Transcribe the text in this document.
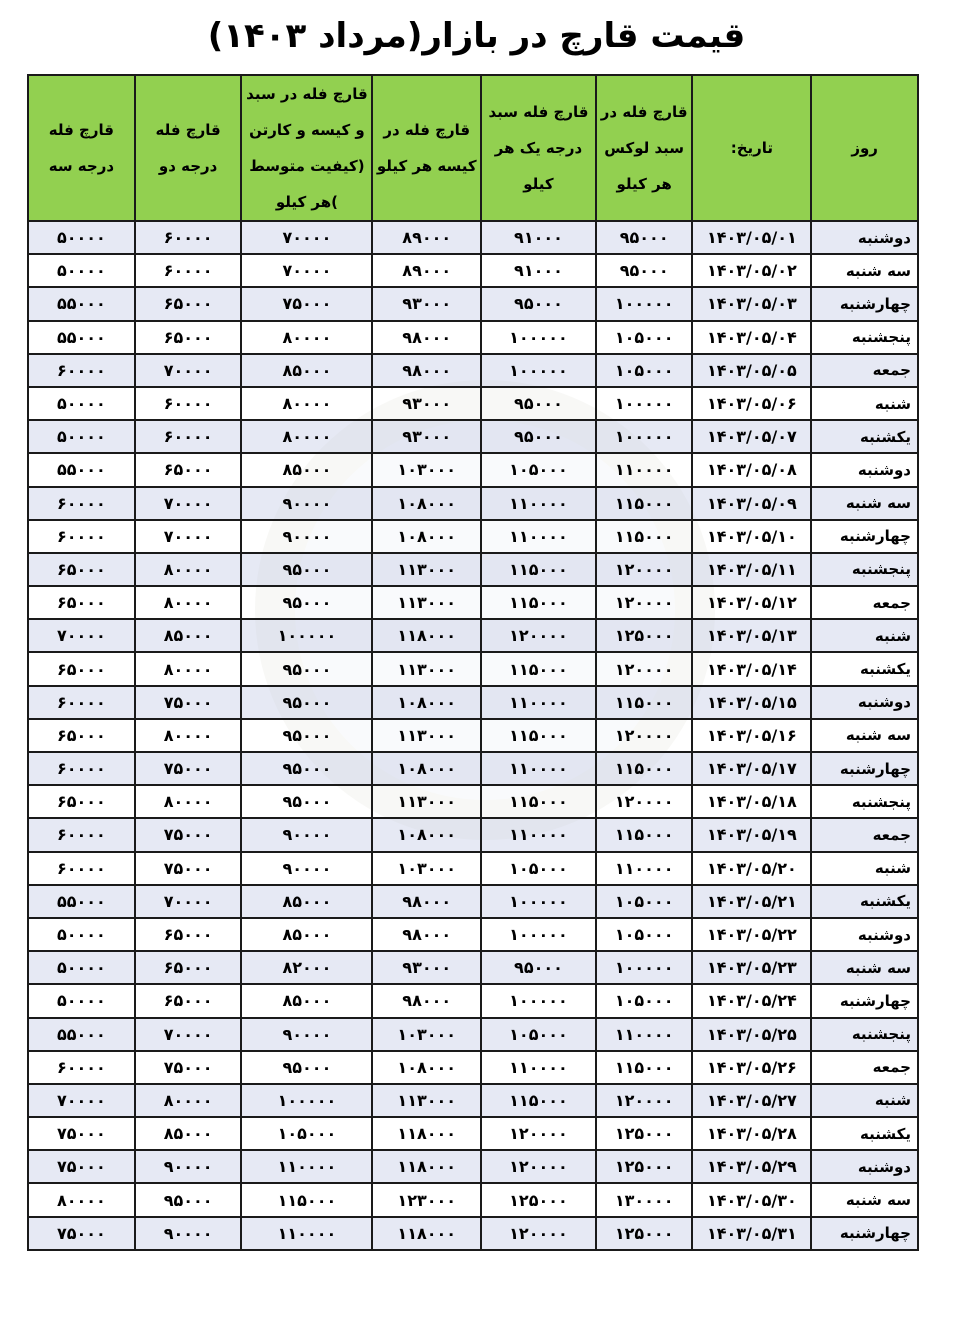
قیمت قارچ در بازار(مرداد ۱۴۰۳)
روز	تاریخ:	قارچ فله در سبد لوکس هر کیلو	قارچ فله سبد درجه یک هر کیلو	قارچ فله در کیسه هر کیلو	قارچ فله در سبد و کیسه و کارتن (کیفیت متوسط )هر کیلو	قارچ فله درجه دو	قارچ فله درجه سه
دوشنبه	۱۴۰۳/۰۵/۰۱	۹۵۰۰۰	۹۱۰۰۰	۸۹۰۰۰	۷۰۰۰۰	۶۰۰۰۰	۵۰۰۰۰
سه شنبه	۱۴۰۳/۰۵/۰۲	۹۵۰۰۰	۹۱۰۰۰	۸۹۰۰۰	۷۰۰۰۰	۶۰۰۰۰	۵۰۰۰۰
چهارشنبه	۱۴۰۳/۰۵/۰۳	۱۰۰۰۰۰	۹۵۰۰۰	۹۳۰۰۰	۷۵۰۰۰	۶۵۰۰۰	۵۵۰۰۰
پنجشنبه	۱۴۰۳/۰۵/۰۴	۱۰۵۰۰۰	۱۰۰۰۰۰	۹۸۰۰۰	۸۰۰۰۰	۶۵۰۰۰	۵۵۰۰۰
جمعه	۱۴۰۳/۰۵/۰۵	۱۰۵۰۰۰	۱۰۰۰۰۰	۹۸۰۰۰	۸۵۰۰۰	۷۰۰۰۰	۶۰۰۰۰
شنبه	۱۴۰۳/۰۵/۰۶	۱۰۰۰۰۰	۹۵۰۰۰	۹۳۰۰۰	۸۰۰۰۰	۶۰۰۰۰	۵۰۰۰۰
یکشنبه	۱۴۰۳/۰۵/۰۷	۱۰۰۰۰۰	۹۵۰۰۰	۹۳۰۰۰	۸۰۰۰۰	۶۰۰۰۰	۵۰۰۰۰
دوشنبه	۱۴۰۳/۰۵/۰۸	۱۱۰۰۰۰	۱۰۵۰۰۰	۱۰۳۰۰۰	۸۵۰۰۰	۶۵۰۰۰	۵۵۰۰۰
سه شنبه	۱۴۰۳/۰۵/۰۹	۱۱۵۰۰۰	۱۱۰۰۰۰	۱۰۸۰۰۰	۹۰۰۰۰	۷۰۰۰۰	۶۰۰۰۰
چهارشنبه	۱۴۰۳/۰۵/۱۰	۱۱۵۰۰۰	۱۱۰۰۰۰	۱۰۸۰۰۰	۹۰۰۰۰	۷۰۰۰۰	۶۰۰۰۰
پنجشنبه	۱۴۰۳/۰۵/۱۱	۱۲۰۰۰۰	۱۱۵۰۰۰	۱۱۳۰۰۰	۹۵۰۰۰	۸۰۰۰۰	۶۵۰۰۰
جمعه	۱۴۰۳/۰۵/۱۲	۱۲۰۰۰۰	۱۱۵۰۰۰	۱۱۳۰۰۰	۹۵۰۰۰	۸۰۰۰۰	۶۵۰۰۰
شنبه	۱۴۰۳/۰۵/۱۳	۱۲۵۰۰۰	۱۲۰۰۰۰	۱۱۸۰۰۰	۱۰۰۰۰۰	۸۵۰۰۰	۷۰۰۰۰
یکشنبه	۱۴۰۳/۰۵/۱۴	۱۲۰۰۰۰	۱۱۵۰۰۰	۱۱۳۰۰۰	۹۵۰۰۰	۸۰۰۰۰	۶۵۰۰۰
دوشنبه	۱۴۰۳/۰۵/۱۵	۱۱۵۰۰۰	۱۱۰۰۰۰	۱۰۸۰۰۰	۹۵۰۰۰	۷۵۰۰۰	۶۰۰۰۰
سه شنبه	۱۴۰۳/۰۵/۱۶	۱۲۰۰۰۰	۱۱۵۰۰۰	۱۱۳۰۰۰	۹۵۰۰۰	۸۰۰۰۰	۶۵۰۰۰
چهارشنبه	۱۴۰۳/۰۵/۱۷	۱۱۵۰۰۰	۱۱۰۰۰۰	۱۰۸۰۰۰	۹۵۰۰۰	۷۵۰۰۰	۶۰۰۰۰
پنجشنبه	۱۴۰۳/۰۵/۱۸	۱۲۰۰۰۰	۱۱۵۰۰۰	۱۱۳۰۰۰	۹۵۰۰۰	۸۰۰۰۰	۶۵۰۰۰
جمعه	۱۴۰۳/۰۵/۱۹	۱۱۵۰۰۰	۱۱۰۰۰۰	۱۰۸۰۰۰	۹۰۰۰۰	۷۵۰۰۰	۶۰۰۰۰
شنبه	۱۴۰۳/۰۵/۲۰	۱۱۰۰۰۰	۱۰۵۰۰۰	۱۰۳۰۰۰	۹۰۰۰۰	۷۵۰۰۰	۶۰۰۰۰
یکشنبه	۱۴۰۳/۰۵/۲۱	۱۰۵۰۰۰	۱۰۰۰۰۰	۹۸۰۰۰	۸۵۰۰۰	۷۰۰۰۰	۵۵۰۰۰
دوشنبه	۱۴۰۳/۰۵/۲۲	۱۰۵۰۰۰	۱۰۰۰۰۰	۹۸۰۰۰	۸۵۰۰۰	۶۵۰۰۰	۵۰۰۰۰
سه شنبه	۱۴۰۳/۰۵/۲۳	۱۰۰۰۰۰	۹۵۰۰۰	۹۳۰۰۰	۸۲۰۰۰	۶۵۰۰۰	۵۰۰۰۰
چهارشنبه	۱۴۰۳/۰۵/۲۴	۱۰۵۰۰۰	۱۰۰۰۰۰	۹۸۰۰۰	۸۵۰۰۰	۶۵۰۰۰	۵۰۰۰۰
پنجشنبه	۱۴۰۳/۰۵/۲۵	۱۱۰۰۰۰	۱۰۵۰۰۰	۱۰۳۰۰۰	۹۰۰۰۰	۷۰۰۰۰	۵۵۰۰۰
جمعه	۱۴۰۳/۰۵/۲۶	۱۱۵۰۰۰	۱۱۰۰۰۰	۱۰۸۰۰۰	۹۵۰۰۰	۷۵۰۰۰	۶۰۰۰۰
شنبه	۱۴۰۳/۰۵/۲۷	۱۲۰۰۰۰	۱۱۵۰۰۰	۱۱۳۰۰۰	۱۰۰۰۰۰	۸۰۰۰۰	۷۰۰۰۰
یکشنبه	۱۴۰۳/۰۵/۲۸	۱۲۵۰۰۰	۱۲۰۰۰۰	۱۱۸۰۰۰	۱۰۵۰۰۰	۸۵۰۰۰	۷۵۰۰۰
دوشنبه	۱۴۰۳/۰۵/۲۹	۱۲۵۰۰۰	۱۲۰۰۰۰	۱۱۸۰۰۰	۱۱۰۰۰۰	۹۰۰۰۰	۷۵۰۰۰
سه شنبه	۱۴۰۳/۰۵/۳۰	۱۳۰۰۰۰	۱۲۵۰۰۰	۱۲۳۰۰۰	۱۱۵۰۰۰	۹۵۰۰۰	۸۰۰۰۰
چهارشنبه	۱۴۰۳/۰۵/۳۱	۱۲۵۰۰۰	۱۲۰۰۰۰	۱۱۸۰۰۰	۱۱۰۰۰۰	۹۰۰۰۰	۷۵۰۰۰
